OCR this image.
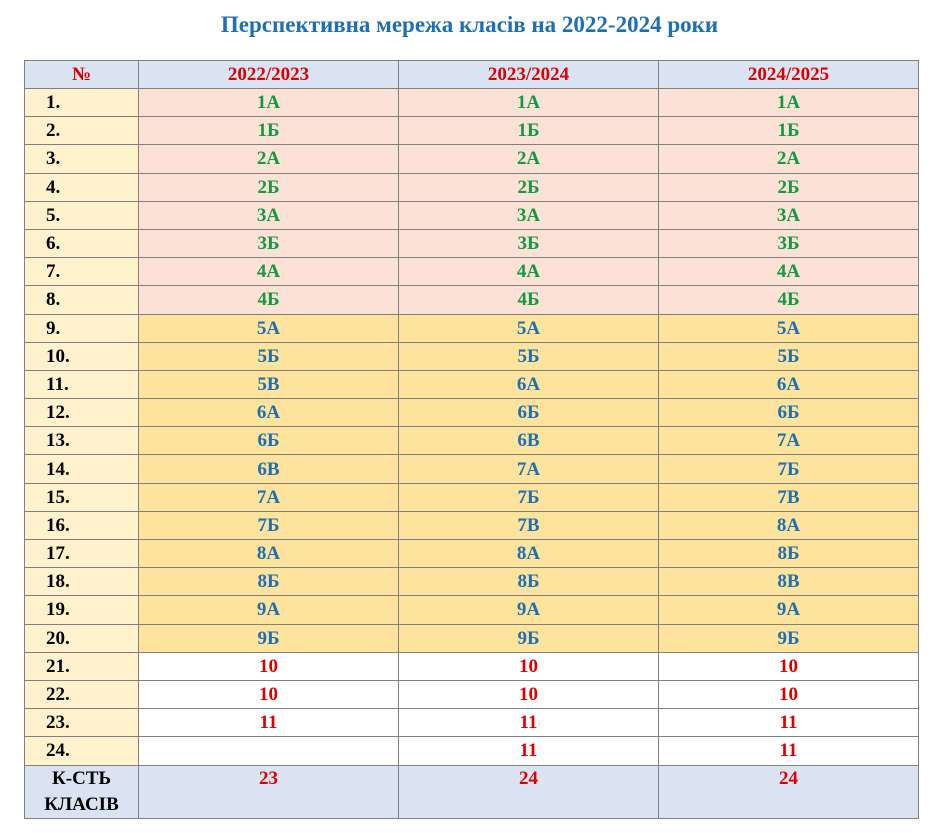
Перспективна мережа класів на 2022-2024 роки
№	2022/2023	2023/2024	2024/2025
1.	1А	1А	1А
2.	1Б	1Б	1Б
3.	2А	2А	2А
4.	2Б	2Б	2Б
5.	3А	3А	3А
6.	3Б	3Б	3Б
7.	4А	4А	4А
8.	4Б	4Б	4Б
9.	5А	5А	5А
10.	5Б	5Б	5Б
11.	5В	6А	6А
12.	6А	6Б	6Б
13.	6Б	6В	7А
14.	6В	7А	7Б
15.	7А	7Б	7В
16.	7Б	7В	8А
17.	8А	8А	8Б
18.	8Б	8Б	8В
19.	9А	9А	9А
20.	9Б	9Б	9Б
21.	10	10	10
22.	10	10	10
23.	11	11	11
24.		11	11

К-СТЬ
КЛАСІВ	23	24	24
